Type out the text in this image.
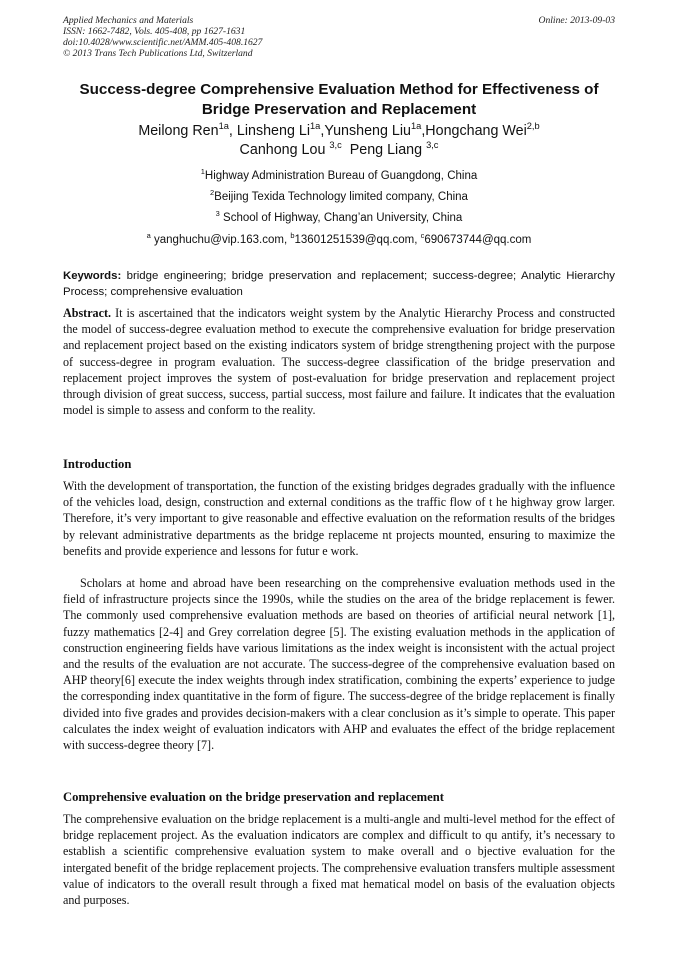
Applied Mechanics and Materials
ISSN: 1662-7482, Vols. 405-408, pp 1627-1631
doi:10.4028/www.scientific.net/AMM.405-408.1627
© 2013 Trans Tech Publications Ltd, Switzerland
Online: 2013-09-03
Success-degree Comprehensive Evaluation Method for Effectiveness of
Bridge Preservation and Replacement
Meilong Ren$^{1a}$, Linsheng $Li^{1a},Yunsheng$ Liu$^{1a}$,Hongchang Wei$^{2,b}$
Canhong Lou $^{3,c}$ Peng Liang $^{3,c}$
$^1$Highway Administration Bureau of Guangdong, China
$^2$Beijing Texida Technology limited company, China
$^3$ School of Highway, Chang’an University, China
$^a$ yanghuchu@vip.163.com, $^b$13601251539@qq.com, $^c$690673744@qq.com
Keywords: bridge engineering; bridge preservation and replacement; success-degree; Analytic Hierarchy Process; comprehensive evaluation
Abstract. It is ascertained that the indicators weight system by the Analytic Hierarchy Process and constructed the model of success-degree evaluation method to execute the comprehensive evaluation for bridge preservation and replacement project based on the existing indicators system of bridge strengthening project with the purpose of success-degree in program evaluation. The success-degree classification of the bridge preservation and replacement project improves the system of post-evaluation for bridge preservation and replacement project through division of great success, success, partial success, most failure and failure. It indicates that the evaluation model is simple to assess and conform to the reality.
Introduction
With the development of transportation, the function of the existing bridges degrades gradually with the influence of the vehicles load, design, construction and external conditions as the traffic flow of t he highway grow larger. Therefore, it’s very important to give reasonable and effective evaluation on the reformation results of the bridges by relevant administrative departments as the bridge replaceme nt projects mounted, ensuring to maximize the benefits and provide experience and lessons for futur e work.
Scholars at home and abroad have been researching on the comprehensive evaluation methods used in the field of infrastructure projects since the 1990s, while the studies on the area of the bridge replacement is fewer. The commonly used comprehensive evaluation methods are based on theories of artificial neural network [1], fuzzy mathematics [2-4] and Grey correlation degree [5]. The existing evaluation methods in the application of construction engineering fields have various limitations as the index weight is inconsistent with the actual project and the results of the evaluation are not accurate. The success-degree of the comprehensive evaluation based on AHP theory[6] execute the index weights through index stratification, combining the experts’ experience to judge the corresponding index quantitative in the form of figure. The success-degree of the bridge replacement is finally divided into five grades and provides decision-makers with a clear conclusion as it’s simple to operate. This paper calculates the index weight of evaluation indicators with AHP and evaluates the effect of the bridge replacement with success-degree theory [7].
Comprehensive evaluation on the bridge preservation and replacement
The comprehensive evaluation on the bridge replacement is a multi-angle and multi-level method for the effect of bridge replacement project. As the evaluation indicators are complex and difficult to qu antify, it’s necessary to establish a scientific comprehensive evaluation system to make overall and o bjective evaluation for the intergated benefit of the bridge replacement projects. The comprehensive evaluation transfers multiple assessment value of indicators to the overall result through a fixed mat hematical model on basis of the evaluation objects and purposes.
